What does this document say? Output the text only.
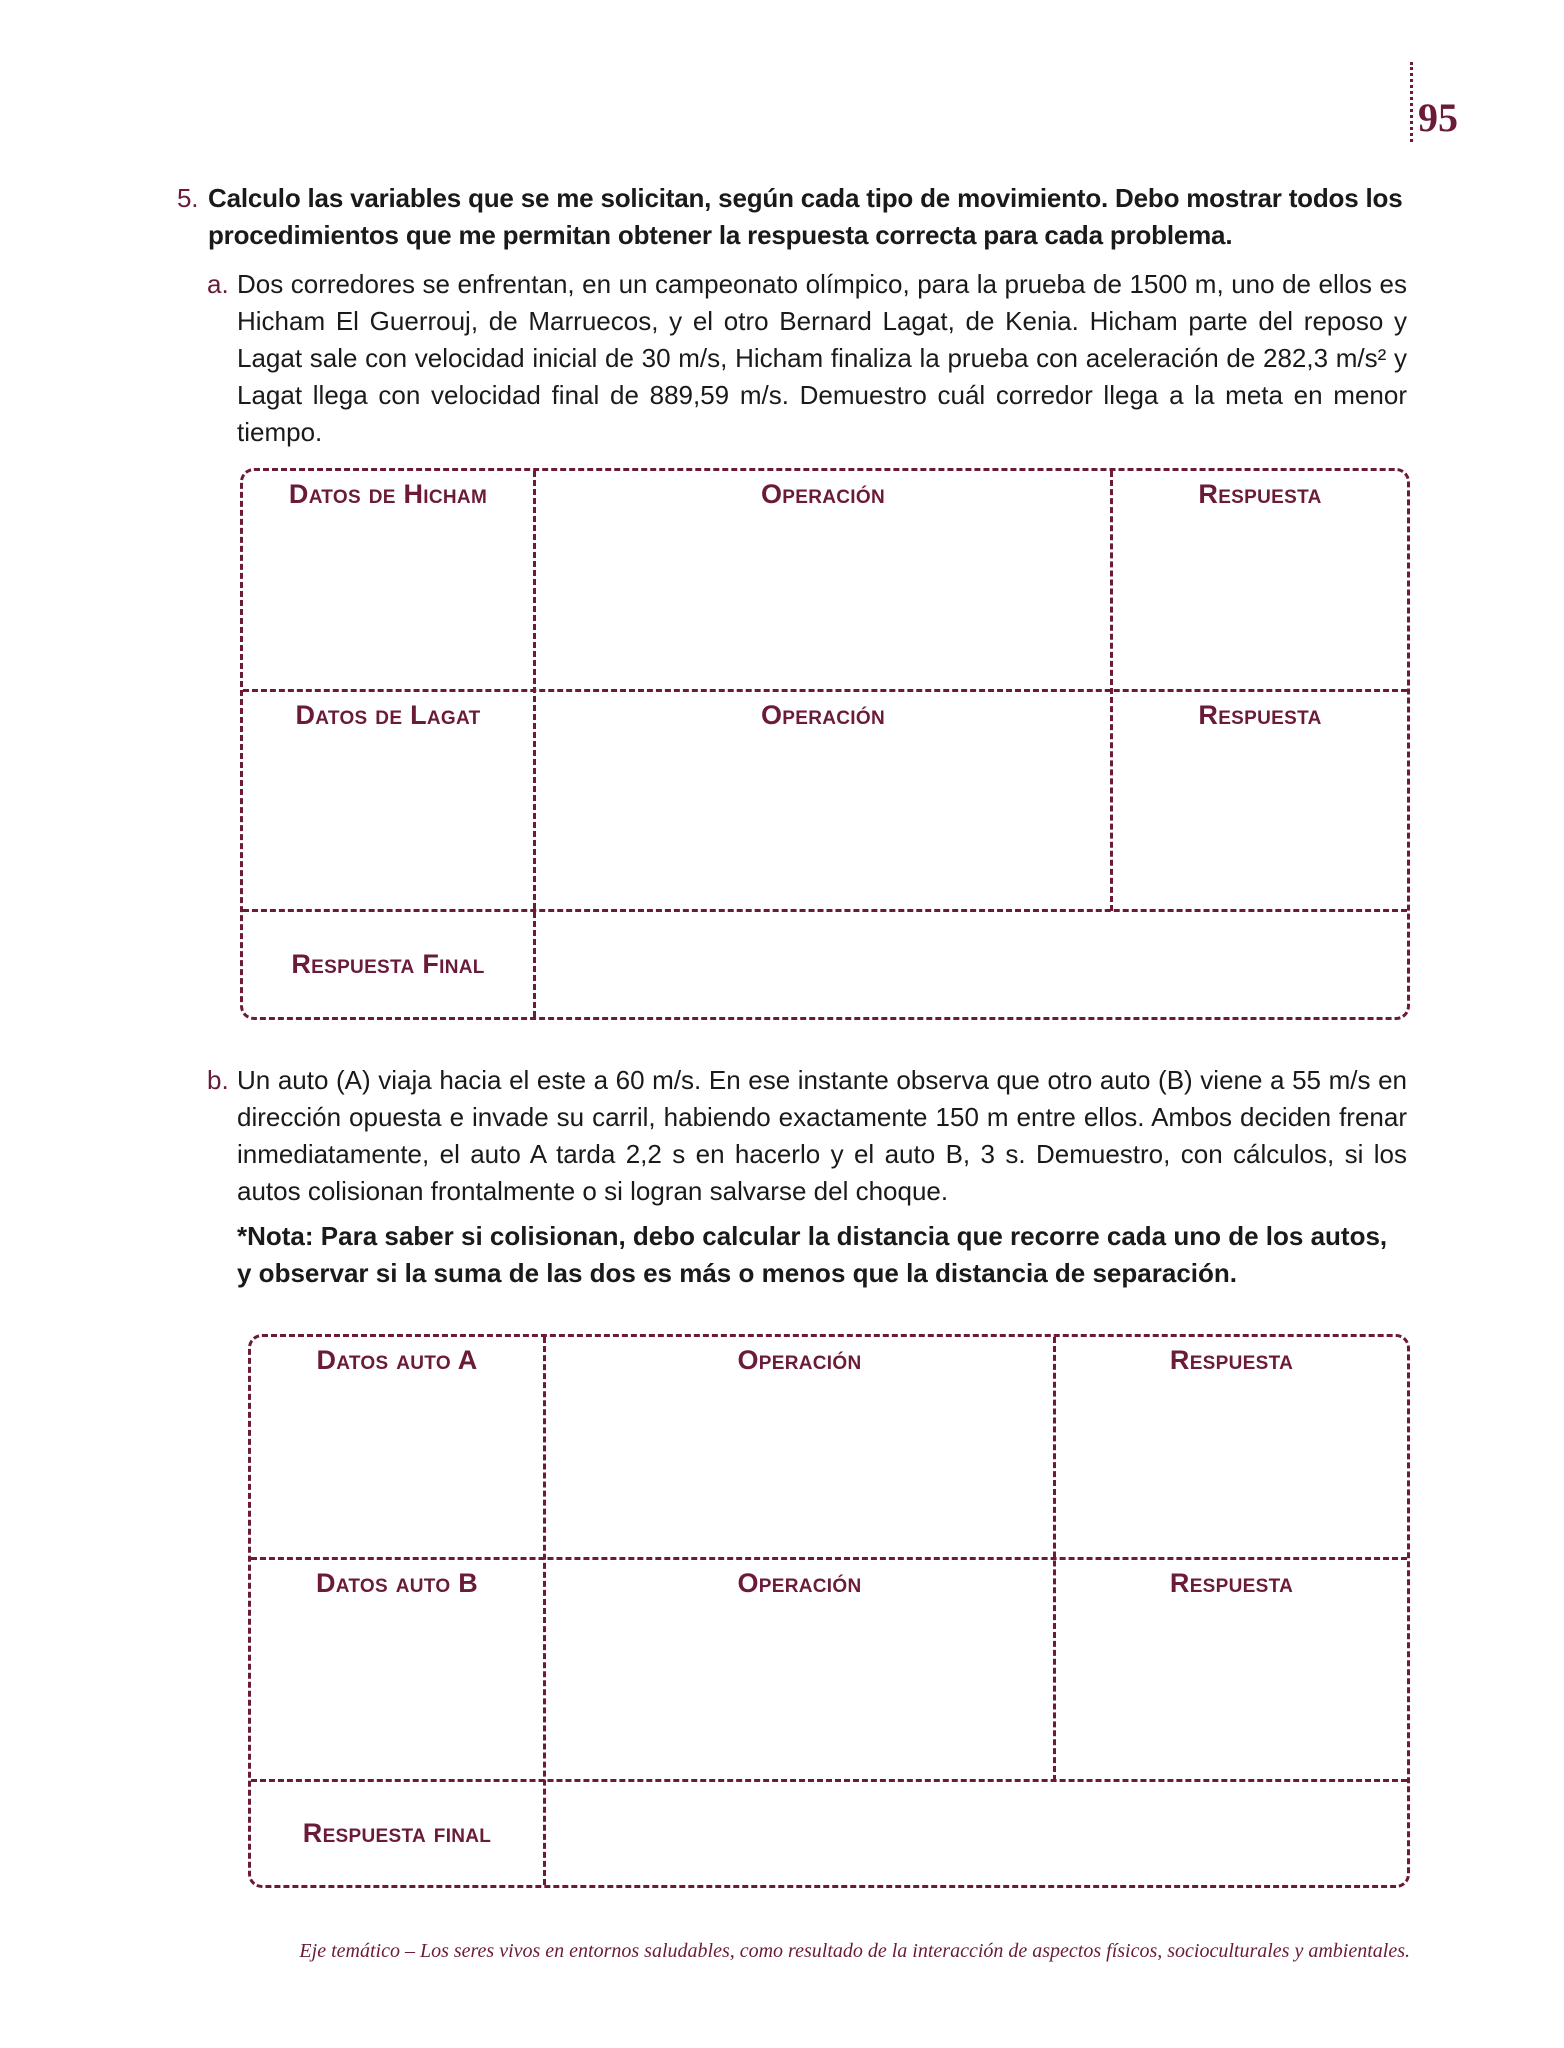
95
5. Calculo las variables que se me solicitan, según cada tipo de movimiento. Debo mostrar todos los procedimientos que me permitan obtener la respuesta correcta para cada problema.
a. Dos corredores se enfrentan, en un campeonato olímpico, para la prueba de 1500 m, uno de ellos es Hicham El Guerrouj, de Marruecos, y el otro Bernard Lagat, de Kenia. Hicham parte del reposo y Lagat sale con velocidad inicial de 30 m/s, Hicham finaliza la prueba con aceleración de 282,3 m/s² y Lagat llega con velocidad final de 889,59 m/s. Demuestro cuál corredor llega a la meta en menor tiempo.
Datos de Hicham	Operación	Respuesta
Datos de Lagat	Operación	Respuesta
Respuesta Final
b. Un auto (A) viaja hacia el este a 60 m/s. En ese instante observa que otro auto (B) viene a 55 m/s en dirección opuesta e invade su carril, habiendo exactamente 150 m entre ellos. Ambos deciden frenar inmediatamente, el auto A tarda 2,2 s en hacerlo y el auto B, 3 s. Demuestro, con cálculos, si los autos colisionan frontalmente o si logran salvarse del choque.
*Nota: Para saber si colisionan, debo calcular la distancia que recorre cada uno de los autos, y observar si la suma de las dos es más o menos que la distancia de separación.
Datos auto A	Operación	Respuesta
Datos auto B	Operación	Respuesta
Respuesta final
Eje temático – Los seres vivos en entornos saludables, como resultado de la interacción de aspectos físicos, socioculturales y ambientales.
